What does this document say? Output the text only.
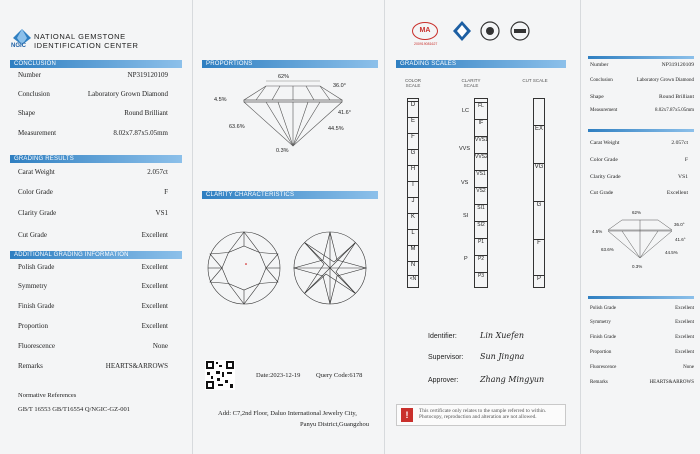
NGIC
NATIONAL GEMSTONE
IDENTIFICATION CENTER
CONCLUSION
Number	NP319120109
Conclusion	Laboratory Grown Diamond
Shape	Round Brilliant
Measurement	8.02x7.87x5.05mm
GRADING RESULTS
Carat Weight	2.057ct
Color Grade	F
Clarity Grade	VS1
Cut Grade	Excellent
ADDITIONAL GRADING INFORMATION
Polish Grade	Excellent
Symmetry	Excellent
Finish Grade	Excellent
Proportion	Excellent
Fluorescence	None
Remarks	HEARTS&ARROWS
Normative References
GB/T 16553 GB/T16554 Q/NGIC-GZ-001
PROPORTIONS
62%
36.0°
4.5%
41.6°
63.6%	44.5%
0.3%
CLARITY CHARACTERISTICS
Date:2023-12-19 Query Code:6178
Add: C7,2nd Floor, Daluo International Jewelry City,
Panyu District,Guangzhou
MA
200919081627
GRADING SCALES
COLOR SCALE
CLARITY SCALE
CUT SCALE
D
E
F
G
H
I
J
K
L
M
N
<N
LC
VVS
VS
SI
P
FL
IF
VVS1
VVS2
VS1
VS2
SI1
SI2
P1
P2
P3
EX
VG
G
F
P
Identifier:	Lin Xuefen
Supervisor: Sun Jingna
Approver:	Zhang Mingyun
!	This certificate only relates to the sample referred to within. Photocopy, reproduction and alteration are not allowed.
Number	NP319120109
Conclusion	Laboratory Grown Diamond
Shape	Round Brilliant
Measurement	8.02x7.87x5.05mm
Carat Weight	2.057ct
Color Grade	F
Clarity Grade	VS1
Cut Grade	Excellent
62%
36.0°
4.5%
41.6°
63.6%
44.5%
0.3%
Polish Grade	Excellent
Symmetry	Excellent
Finish Grade	Excellent
Proportion	Excellent
Fluorescence	None
Remarks	HEARTS&ARROWS
